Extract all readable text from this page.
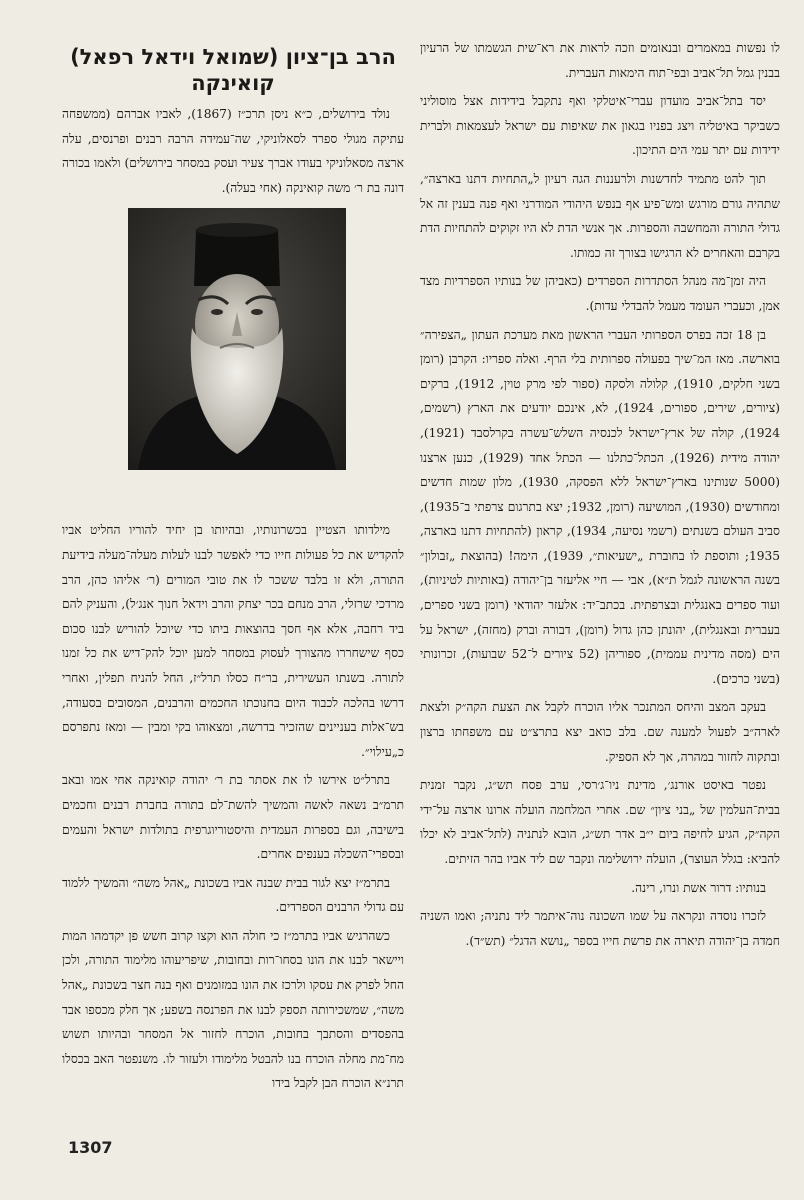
לו נפשות במאמרים ובנאומים וזכה לראות את רא־שית הגשמתו של הרעיון בבנין גמל תל־אביב ובפי־תוח הימאות העברית.

יסד בתל־אביב מועדון עברי־איטלקי ואף נתקבל בידידות אצל מוסוליני כשביקר באיטליה ויצג בפניו בגאון את שאיפות עם ישראל לעצמאות ולברית ידידות עם יתר עמי הים התיכון.

תוך להט מתמיד לחדשנות ולרעננות הגה רעיון ל„התחיות דתנו בארצה״, שתהיה גורם מורגש ומש־פיע אף בנפש היהודי המודרני ואף פנה בענין זה אל גדולי התורה והמחשבה והספרות. אך אנשי הדת לא היו זקוקים להתחיות הדת בקרבם והאחרים לא הרגישו בצורך זה כמותו.

היה זמן־מה מנהל הסתדרות הספרדים (כאביהן של בנותיו הספרדיות מצד אמן, וכעברי העומד מעמל להבדלי עדות).

בן 18 זכה בפרס הספרותי העברי הראשון מאת מערכת העתון „הצפירה״ בוארשה. מאז המ־שיך בפעולה ספרותית בלי הרף. ואלה ספריו: הקרבן (רומן בשני חלקים, 1910), קלולה ולסקה (ספור לפי מרק טוין, 1912), ברקים (ציורים, שירים, ספורים, 1924), לא, אינכם יודעים את הארץ (רשמים, 1924), קולה של ארץ־ישראל לכנסיה השלש־עשרה בקרלסבד (1921), יהודה מידית (1926), הכתל־כתלנו — הכתל אחד (1929), כנען ארצנו (5000 שנותינו בארץ־ישראל ללא הפסקה, 1930), מלון שמות חדשים ומחודשים (1930), המושיעה (רומן, 1932; יצא בתרגום צרפתי ב־1935), סביב העולם בשנתים (רשמי נסיעה, 1934), קראון (להתחיות דתנו בארצה, 1935; ותוספת לו בחוברת „ישעיאות״, 1939), הימה! (בהוצאת „זבולון״ בשנה הראשונה לגמל ת״א), אבי — חיי אליעזר בן־יהודה (באותיות לטיניות), ועוד ספרים באנגלית ובצרפתית. בכתב־יד: אלעזר יהודאי (רומן בשני ספרים, בעברית ובאנגלית), יהונתן כהן גדול (רומן), דבורה וברק (מחזה), ישראל על הים (מסה מדינית עממית), ספוריהן (52 ציורים ל־52 שבועות), זכרונותי (בשני כרכים).

בעקב המצב והיחס המתנכר אליו הוכרח לקבל את הצעת הקה״ק ולצאת לארה״ב לפעול למענה שם. בלב כואב יצא בתרצ״ט עם משפחתו ברצון ובתקוה לחזור במהרה, אך לא הספיק.

נפטר באיסט אורנג׳, מדינת ניו־ג׳רסי, ערב פסח תש״ג, נקבר זמנית בבית־העלמין של „בני ציון״ שם. אחרי המלחמה הועלה ארונו ארצה על־ידי הקה״ק, הגיע לחיפה ביום י״ב אדר תש״ג, הובא לנתניה (לתל־אביב לא יכלו להביא: בגלל העוצר), הועלה ירושלימה ונקבר שם ליד אביו בהר הזיתים.

בנותיו: דרור אשת ונרו, רינה.

לזכרו נוסדה ונקראה על שמו השכונה נוה־איתמר ליד נתניה; ואמו השניה חמדה בן־יהודה תיארה את פרשת חייו בספר „נושא הדגל״ (תש״ד).

הרב בן־ציון (שמואל וידאל רפאל)
קואינקה

נולד בירושלים, כ״א ניסן תרכ״ז (1867), לאביו אברהם (ממשפחה עתיקה מגולי ספרד לסאלוניקי, שה־עמידה הרבה רבנים ופרנסים, עלה ארצה מסאלוניקי בעודו אברך צעיר ועסק במסחר בירושלים) ולאמו בכורה דונה בת ר׳ משה קואינקה (אחי בעלה).

מילדותו הצטיין בכשרונותיו, ובהיותו בן יחיד להוריו החליט אביו להקדיש את כל פעולות חייו כדי לאפשר לבנו לעלות מעלה־מעלה בידיעת התורה, ולא זו בלבד ששכר לו את טובי המורים (ר׳ אליהו כהן, הרב מרדכי שרזלי, הרב מנחם בכר יצחק והרב וידאל חנוך אנג׳ל), והעניק להם ביד רחבה, אלא אף חסך בהוצאות ביתו כדי שיוכל להוריש לבנו סכום כסף שישחררו מהצורך לעסוק במסחר למען יוכל להק־דיש את כל זמנו לתורה. בשנתו העשירית, בר״ח כסלו תרל״ז, החל להניח תפלין, ואחרי דרשו בהלכה לכבוד היום בחנוכתו החכמים והרבנים, המסובים בסעודה, בש־אלות בעניינים שהזכיר בדרשה, ומצאוהו בקי ומבין — ומאז נתפרסם כ„עילוי״.

בתרל״ט אירשו לו את אסתר בת ר׳ יהודה קואינקה אחי אמו ובאב תרמ״ב נשאה לאשה והמשיך להשת־לם בתורה בחברת רבנים וחכמים בישיבה, וגם בספרות העמדית והיסטוריוגרפית בתולדות ישראל והעמים ובספרי־השכלה בענפים אחרים.

בתרמ״ז יצא לגור בבית שבנה אביו בשכונת „אהל משה״ והמשיך ללמוד עם גדולי הרבנים הספרדים.

כשהרגיש אביו בתרמ״ז כי חולה הוא וקצו קרוב חשש פן יקדמהו המות ויישאר לבנו את הונו בסחו־רות ובחובות, שיפריעוהו מלימוד התורה, ולכן החל לפרק את עסקו ולרכז את הונו במזומנים ואף בנה חצר בשכונת „אהל משה״, שמשכירותה תספק לבנו את הפרנסה בשפע; אך חלק מכספו אבד בהפסדים והסתבך בחובות, הוכרח לחזור אל המסחר ובהיותו תשוש מח־מת מחלה הוכרח בנו להבטל מלימודו ולעזור לו. משנפטר האב בכסלו תרנ״א הוכרח הבן לקבל בידו

1307
